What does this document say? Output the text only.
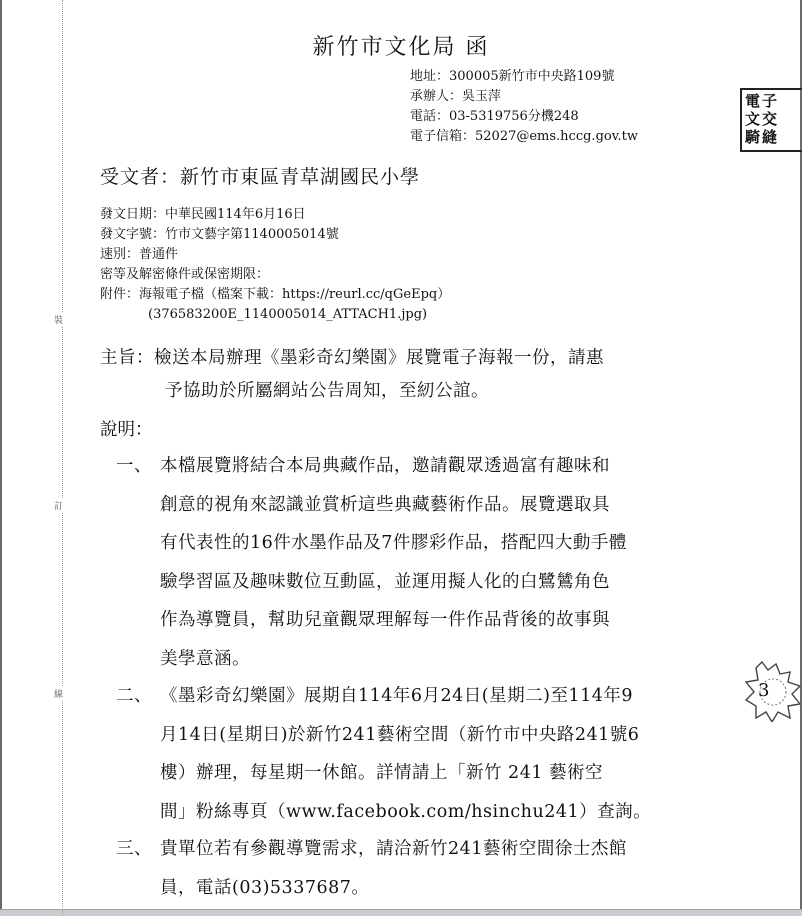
裝
訂
線
新竹市文化局 函
地址：300005新竹市中央路109號
承辦人：吳玉萍
電話：03-5319756分機248
電子信箱：52027@ems.hccg.gov.tw
電子
文交
騎縫
受文者：新竹市東區青草湖國民小學
發文日期：中華民國114年6月16日
發文字號：竹市文藝字第1140005014號
速別：普通件
密等及解密條件或保密期限：
附件：海報電子檔（檔案下載：https://reurl.cc/qGeEpq）
(376583200E_1140005014_ATTACH1.jpg)
主旨：檢送本局辦理《墨彩奇幻樂園》展覽電子海報一份，請惠
予協助於所屬網站公告周知，至紉公誼。
說明：
一、 本檔展覽將結合本局典藏作品，邀請觀眾透過富有趣味和
創意的視角來認識並賞析這些典藏藝術作品。展覽選取具
有代表性的16件水墨作品及7件膠彩作品，搭配四大動手體
驗學習區及趣味數位互動區，並運用擬人化的白鷺鷥角色
作為導覽員，幫助兒童觀眾理解每一件作品背後的故事與
美學意涵。
二、 《墨彩奇幻樂園》展期自114年6月24日(星期二)至114年9
月14日(星期日)於新竹241藝術空間（新竹市中央路241號6
樓）辦理，每星期一休館。詳情請上「新竹 241 藝術空
間」粉絲專頁（www.facebook.com/hsinchu241）查詢。
三、 貴單位若有參觀導覽需求，請洽新竹241藝術空間徐士杰館
員，電話(03)5337687。
3
